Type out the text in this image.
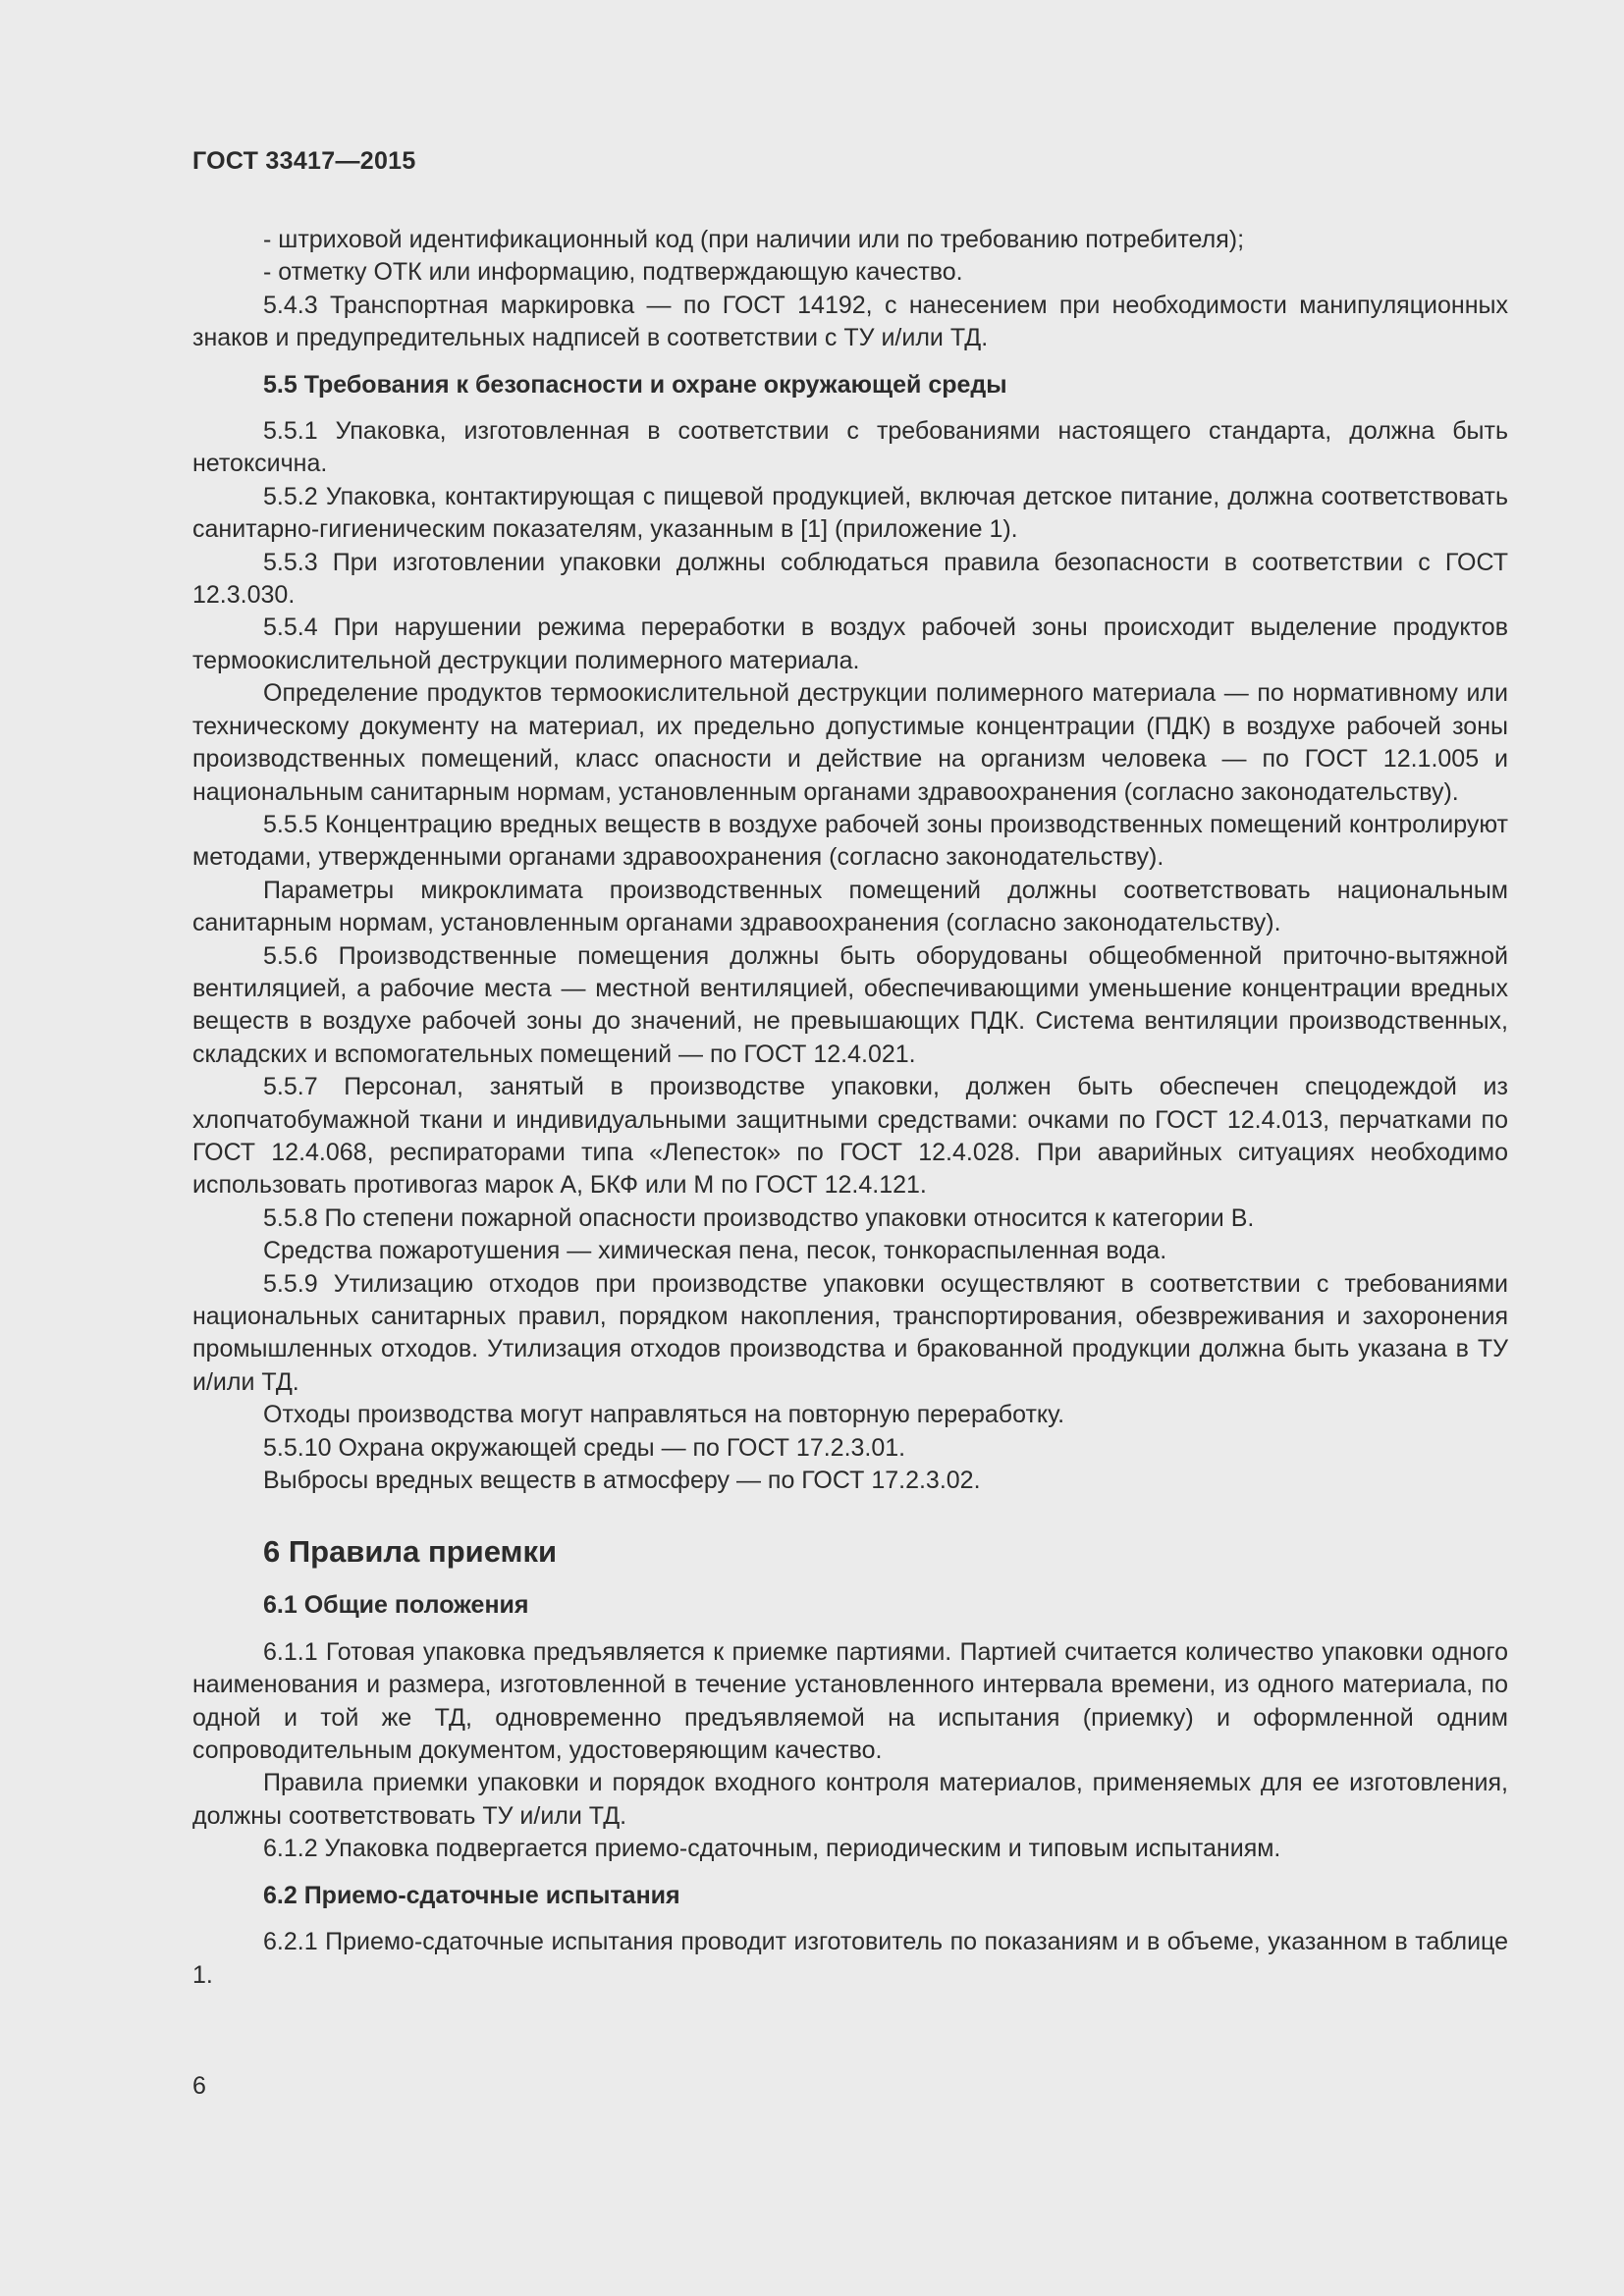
ГОСТ 33417—2015

- штриховой идентификационный код (при наличии или по требованию потребителя);

- отметку ОТК или информацию, подтверждающую качество.

5.4.3 Транспортная маркировка — по ГОСТ 14192, с нанесением при необходимости манипуляционных знаков и предупредительных надписей в соответствии с ТУ и/или ТД.

5.5 Требования к безопасности и охране окружающей среды

5.5.1 Упаковка, изготовленная в соответствии с требованиями настоящего стандарта, должна быть нетоксична.

5.5.2 Упаковка, контактирующая с пищевой продукцией, включая детское питание, должна соответствовать санитарно-гигиеническим показателям, указанным в [1] (приложение 1).

5.5.3 При изготовлении упаковки должны соблюдаться правила безопасности в соответствии с ГОСТ 12.3.030.

5.5.4 При нарушении режима переработки в воздух рабочей зоны происходит выделение продуктов термоокислительной деструкции полимерного материала.

Определение продуктов термоокислительной деструкции полимерного материала — по нормативному или техническому документу на материал, их предельно допустимые концентрации (ПДК) в воздухе рабочей зоны производственных помещений, класс опасности и действие на организм человека — по ГОСТ 12.1.005 и национальным санитарным нормам, установленным органами здравоохранения (согласно законодательству).

5.5.5 Концентрацию вредных веществ в воздухе рабочей зоны производственных помещений контролируют методами, утвержденными органами здравоохранения (согласно законодательству).

Параметры микроклимата производственных помещений должны соответствовать национальным санитарным нормам, установленным органами здравоохранения (согласно законодательству).

5.5.6 Производственные помещения должны быть оборудованы общеобменной приточно-вытяжной вентиляцией, а рабочие места — местной вентиляцией, обеспечивающими уменьшение концентрации вредных веществ в воздухе рабочей зоны до значений, не превышающих ПДК. Система вентиляции производственных, складских и вспомогательных помещений — по ГОСТ 12.4.021.

5.5.7 Персонал, занятый в производстве упаковки, должен быть обеспечен спецодеждой из хлопчатобумажной ткани и индивидуальными защитными средствами: очками по ГОСТ 12.4.013, перчатками по ГОСТ 12.4.068, респираторами типа «Лепесток» по ГОСТ 12.4.028. При аварийных ситуациях необходимо использовать противогаз марок А, БКФ или М по ГОСТ 12.4.121.

5.5.8 По степени пожарной опасности производство упаковки относится к категории В.

Средства пожаротушения — химическая пена, песок, тонкораспыленная вода.

5.5.9 Утилизацию отходов при производстве упаковки осуществляют в соответствии с требованиями национальных санитарных правил, порядком накопления, транспортирования, обезвреживания и захоронения промышленных отходов. Утилизация отходов производства и бракованной продукции должна быть указана в ТУ и/или ТД.

Отходы производства могут направляться на повторную переработку.

5.5.10 Охрана окружающей среды — по ГОСТ 17.2.3.01.

Выбросы вредных веществ в атмосферу — по ГОСТ 17.2.3.02.

6 Правила приемки
6.1 Общие положения

6.1.1 Готовая упаковка предъявляется к приемке партиями. Партией считается количество упаковки одного наименования и размера, изготовленной в течение установленного интервала времени, из одного материала, по одной и той же ТД, одновременно предъявляемой на испытания (приемку) и оформленной одним сопроводительным документом, удостоверяющим качество.

Правила приемки упаковки и порядок входного контроля материалов, применяемых для ее изготовления, должны соответствовать ТУ и/или ТД.

6.1.2 Упаковка подвергается приемо-сдаточным, периодическим и типовым испытаниям.

6.2 Приемо-сдаточные испытания

6.2.1 Приемо-сдаточные испытания проводит изготовитель по показаниям и в объеме, указанном в таблице 1.

6
